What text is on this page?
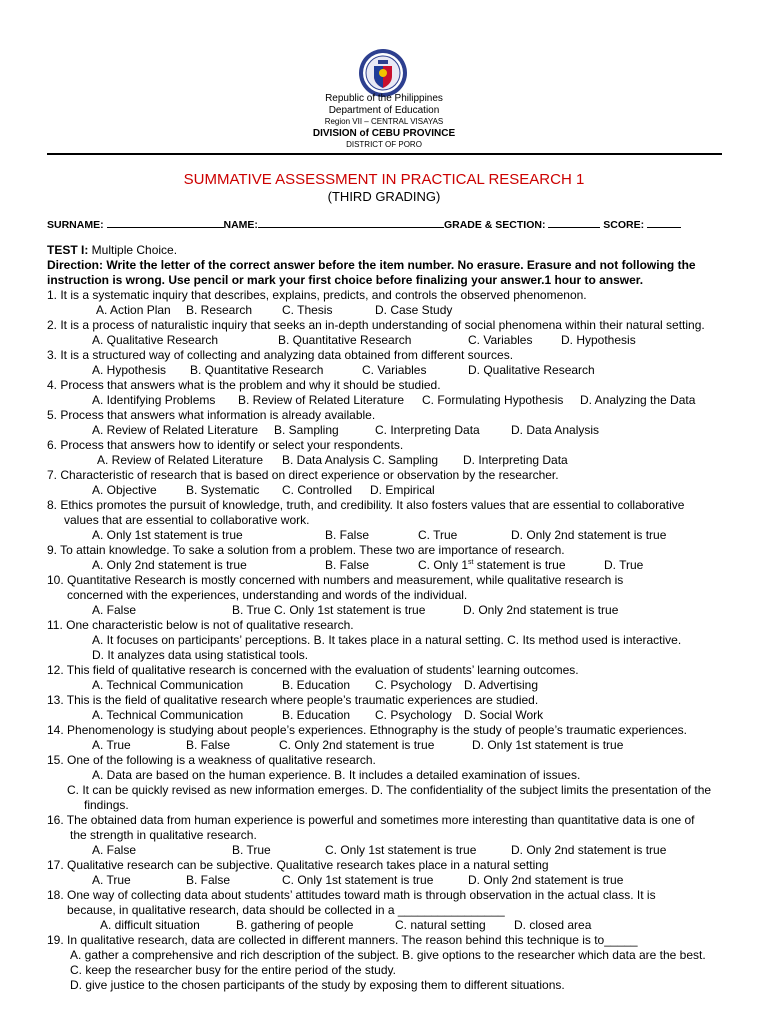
Republic of the Philippines
Department of Education
Region VII – CENTRAL VISAYAS
DIVISION of CEBU PROVINCE
DISTRICT OF PORO
SUMMATIVE ASSESSMENT IN PRACTICAL RESEARCH 1
(THIRD GRADING)
SURNAME:	NAME:	GRADE & SECTION:	SCORE:
TEST I: Multiple Choice.
Direction: Write the letter of the correct answer before the item number. No erasure. Erasure and not following the
instruction is wrong. Use pencil or mark your first choice before finalizing your answer.1 hour to answer.
1. It is a systematic inquiry that describes, explains, predicts, and controls the observed phenomenon.
A. Action Plan B. Research C. Thesis	D. Case Study
2. It is a process of naturalistic inquiry that seeks an in-depth understanding of social phenomena within their natural setting.
A. Qualitative Research	B. Quantitative Research	C. Variables D. Hypothesis
3. It is a structured way of collecting and analyzing data obtained from different sources.
A. Hypothesis B. Quantitative Research	C. Variables	D. Qualitative Research
4. Process that answers what is the problem and why it should be studied.
A. Identifying Problems B. Review of Related Literature C. Formulating Hypothesis D. Analyzing the Data
5. Process that answers what information is already available.
A. Review of Related Literature B. Sampling	C. Interpreting Data	D. Data Analysis
6. Process that answers how to identify or select your respondents.
A. Review of Related Literature B. Data Analysis C. Sampling D. Interpreting Data
7. Characteristic of research that is based on direct experience or observation by the researcher.
A. Objective B. Systematic C. Controlled D. Empirical
8. Ethics promotes the pursuit of knowledge, truth, and credibility. It also fosters values that are essential to collaborative
values that are essential to collaborative work.
A. Only 1st statement is true	B. False	C. True	D. Only 2nd statement is true
9. To attain knowledge. To sake a solution from a problem. These two are importance of research.
A. Only 2nd statement is true	B. False	C. Only 1st statement is true	D. True
10. Quantitative Research is mostly concerned with numbers and measurement, while qualitative research is
concerned with the experiences, understanding and words of the individual.
A. False	B. True C. Only 1st statement is true	D. Only 2nd statement is true
11. One characteristic below is not of qualitative research.
A. It focuses on participants’ perceptions. B. It takes place in a natural setting. C. Its method used is interactive.
D. It analyzes data using statistical tools.
12. This field of qualitative research is concerned with the evaluation of students’ learning outcomes.
A. Technical Communication	B. Education C. Psychology D. Advertising
13. This is the field of qualitative research where people’s traumatic experiences are studied.
A. Technical Communication	B. Education C. Psychology D. Social Work
14. Phenomenology is studying about people’s experiences. Ethnography is the study of people’s traumatic experiences.
A. True	B. False	C. Only 2nd statement is true	D. Only 1st statement is true
15. One of the following is a weakness of qualitative research.
A. Data are based on the human experience. B. It includes a detailed examination of issues.
C. It can be quickly revised as new information emerges. D. The confidentiality of the subject limits the presentation of the
findings.
16. The obtained data from human experience is powerful and sometimes more interesting than quantitative data is one of
the strength in qualitative research.
A. False	B. True	C. Only 1st statement is true	D. Only 2nd statement is true
17. Qualitative research can be subjective. Qualitative research takes place in a natural setting
A. True	B. False	C. Only 1st statement is true	D. Only 2nd statement is true
18. One way of collecting data about students’ attitudes toward math is through observation in the actual class. It is
because, in qualitative research, data should be collected in a ________________
A. difficult situation	B. gathering of people	C. natural setting D. closed area
19. In qualitative research, data are collected in different manners. The reason behind this technique is to_____
A. gather a comprehensive and rich description of the subject. B. give options to the researcher which data are the best.
C. keep the researcher busy for the entire period of the study.
D. give justice to the chosen participants of the study by exposing them to different situations.
